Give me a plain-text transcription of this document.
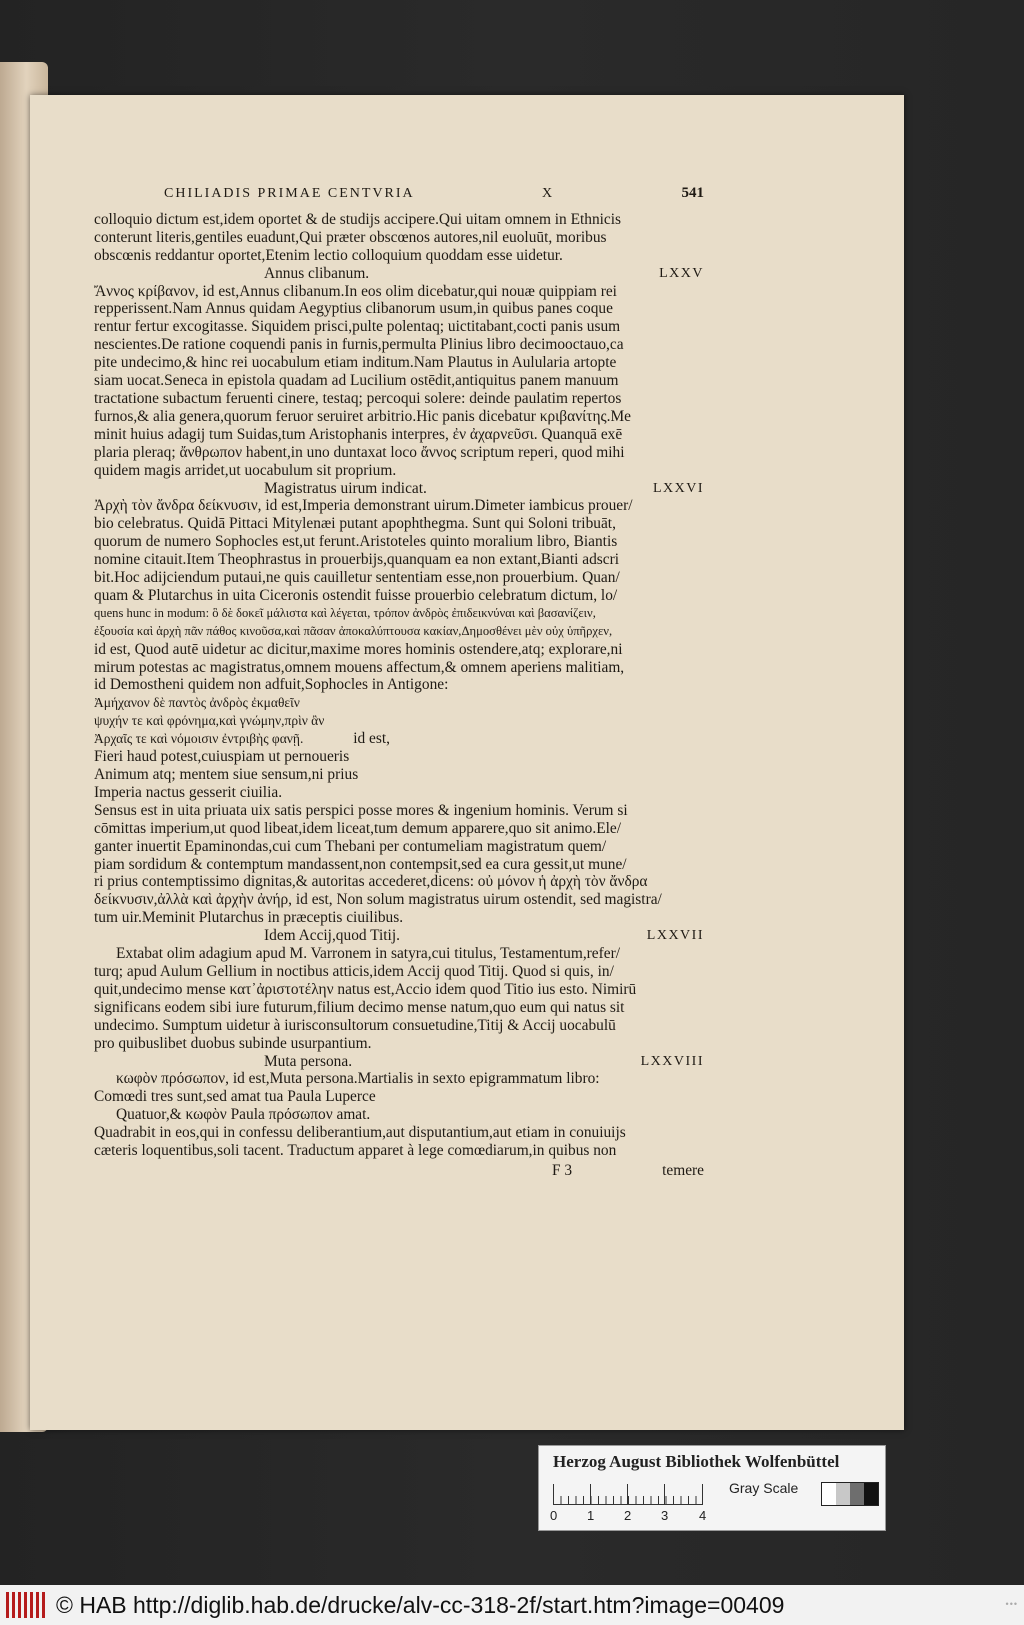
CHILIADIS PRIMAE CENTVRIA	X	541
colloquio dictum est,idem oportet & de studijs accipere.Qui uitam omnem in Ethnicis
conterunt literis,gentiles euadunt,Qui præter obscœnos autores,nil euoluūt, moribus
obscœnis reddantur oportet,Etenim lectio colloquium quoddam esse uidetur.
Annus clibanum.	LXXV
Ἄννος κρίβανον, id est,Annus clibanum.In eos olim dicebatur,qui nouæ quippiam rei
repperissent.Nam Annus quidam Aegyptius clibanorum usum,in quibus panes coque
rentur fertur excogitasse. Siquidem prisci,pulte polentaq; uictitabant,cocti panis usum
nescientes.De ratione coquendi panis in furnis,permulta Plinius libro decimooctauo,ca
pite undecimo,& hinc rei uocabulum etiam inditum.Nam Plautus in Aulularia artopte
siam uocat.Seneca in epistola quadam ad Lucilium ostēdit,antiquitus panem manuum
tractatione subactum feruenti cinere, testaq; percoqui solere: deinde paulatim repertos
furnos,& alia genera,quorum feruor seruiret arbitrio.Hic panis dicebatur κριβανίτης.Me
minit huius adagij tum Suidas,tum Aristophanis interpres, ἐν ἀχαρνεῦσι. Quanquā exē
plaria pleraq; ἄνθρωπον habent,in uno duntaxat loco ἄννος scriptum reperi, quod mihi
quidem magis arridet,ut uocabulum sit proprium.
Magistratus uirum indicat.	LXXVI
Ἀρχὴ τὸν ἄνδρα δείκνυσιν, id est,Imperia demonstrant uirum.Dimeter iambicus prouer/
bio celebratus. Quidā Pittaci Mitylenæi putant apophthegma. Sunt qui Soloni tribuāt,
quorum de numero Sophocles est,ut ferunt.Aristoteles quinto moralium libro, Biantis
nomine citauit.Item Theophrastus in prouerbijs,quanquam ea non extant,Bianti adscri
bit.Hoc adijciendum putaui,ne quis cauilletur sententiam esse,non prouerbium. Quan/
quam & Plutarchus in uita Ciceronis ostendit fuisse prouerbio celebratum dictum, lo/
quens hunc in modum: ὃ δὲ δοκεῖ μάλιστα καὶ λέγεται, τρόπον ἀνδρὸς ἐπιδεικνύναι καὶ βασανίζειν,
ἐξουσία καὶ ἀρχὴ πᾶν πάθος κινοῦσα,καὶ πᾶσαν ἀποκαλύπτουσα κακίαν,Δημοσθένει μὲν οὐχ ὑπῆρχεν,
id est, Quod autē uidetur ac dicitur,maxime mores hominis ostendere,atq; explorare,ni
mirum potestas ac magistratus,omnem mouens affectum,& omnem aperiens malitiam,
id Demostheni quidem non adfuit,Sophocles in Antigone:
Ἀμήχανον δὲ παντὸς ἀνδρὸς ἐκμαθεῖν
ψυχήν τε καὶ φρόνημα,καὶ γνώμην,πρὶν ἂν
Ἀρχαῖς τε καὶ νόμοισιν ἐντριβὴς φανῇ.	id est,
Fieri haud potest,cuiuspiam ut pernoueris
Animum atq; mentem siue sensum,ni prius
Imperia nactus gesserit ciuilia.
Sensus est in uita priuata uix satis perspici posse mores & ingenium hominis. Verum si
cōmittas imperium,ut quod libeat,idem liceat,tum demum apparere,quo sit animo.Ele/
ganter inuertit Epaminondas,cui cum Thebani per contumeliam magistratum quem/
piam sordidum & contemptum mandassent,non contempsit,sed ea cura gessit,ut mune/
ri prius contemptissimo dignitas,& autoritas accederet,dicens: οὐ μόνον ἡ ἀρχὴ τὸν ἄνδρα
δείκνυσιν,ἀλλὰ καὶ ἀρχὴν ἀνήρ, id est, Non solum magistratus uirum ostendit, sed magistra/
tum uir.Meminit Plutarchus in præceptis ciuilibus.
Idem Accij,quod Titij.	LXXVII
Extabat olim adagium apud M. Varronem in satyra,cui titulus, Testamentum,refer/
turq; apud Aulum Gellium in noctibus atticis,idem Accij quod Titij. Quod si quis, in/
quit,undecimo mense κατ᾽ἀριστοτέλην natus est,Accio idem quod Titio ius esto. Nimirū
significans eodem sibi iure futurum,filium decimo mense natum,quo eum qui natus sit
undecimo. Sumptum uidetur à iurisconsultorum consuetudine,Titij & Accij uocabulū
pro quibuslibet duobus subinde usurpantium.
Muta persona.	LXXVIII
κωφὸν πρόσωπον, id est,Muta persona.Martialis in sexto epigrammatum libro:
Comœdi tres sunt,sed amat tua Paula Luperce
Quatuor,& κωφὸν Paula πρόσωπον amat.
Quadrabit in eos,qui in confessu deliberantium,aut disputantium,aut etiam in conuiuijs
cæteris loquentibus,soli tacent. Traductum apparet à lege comœdiarum,in quibus non
F 3	temere
Herzog August Bibliothek Wolfenbüttel
0 1 2 3 4
Gray Scale
© HAB http://diglib.hab.de/drucke/alv-cc-318-2f/start.htm?image=00409	•••
